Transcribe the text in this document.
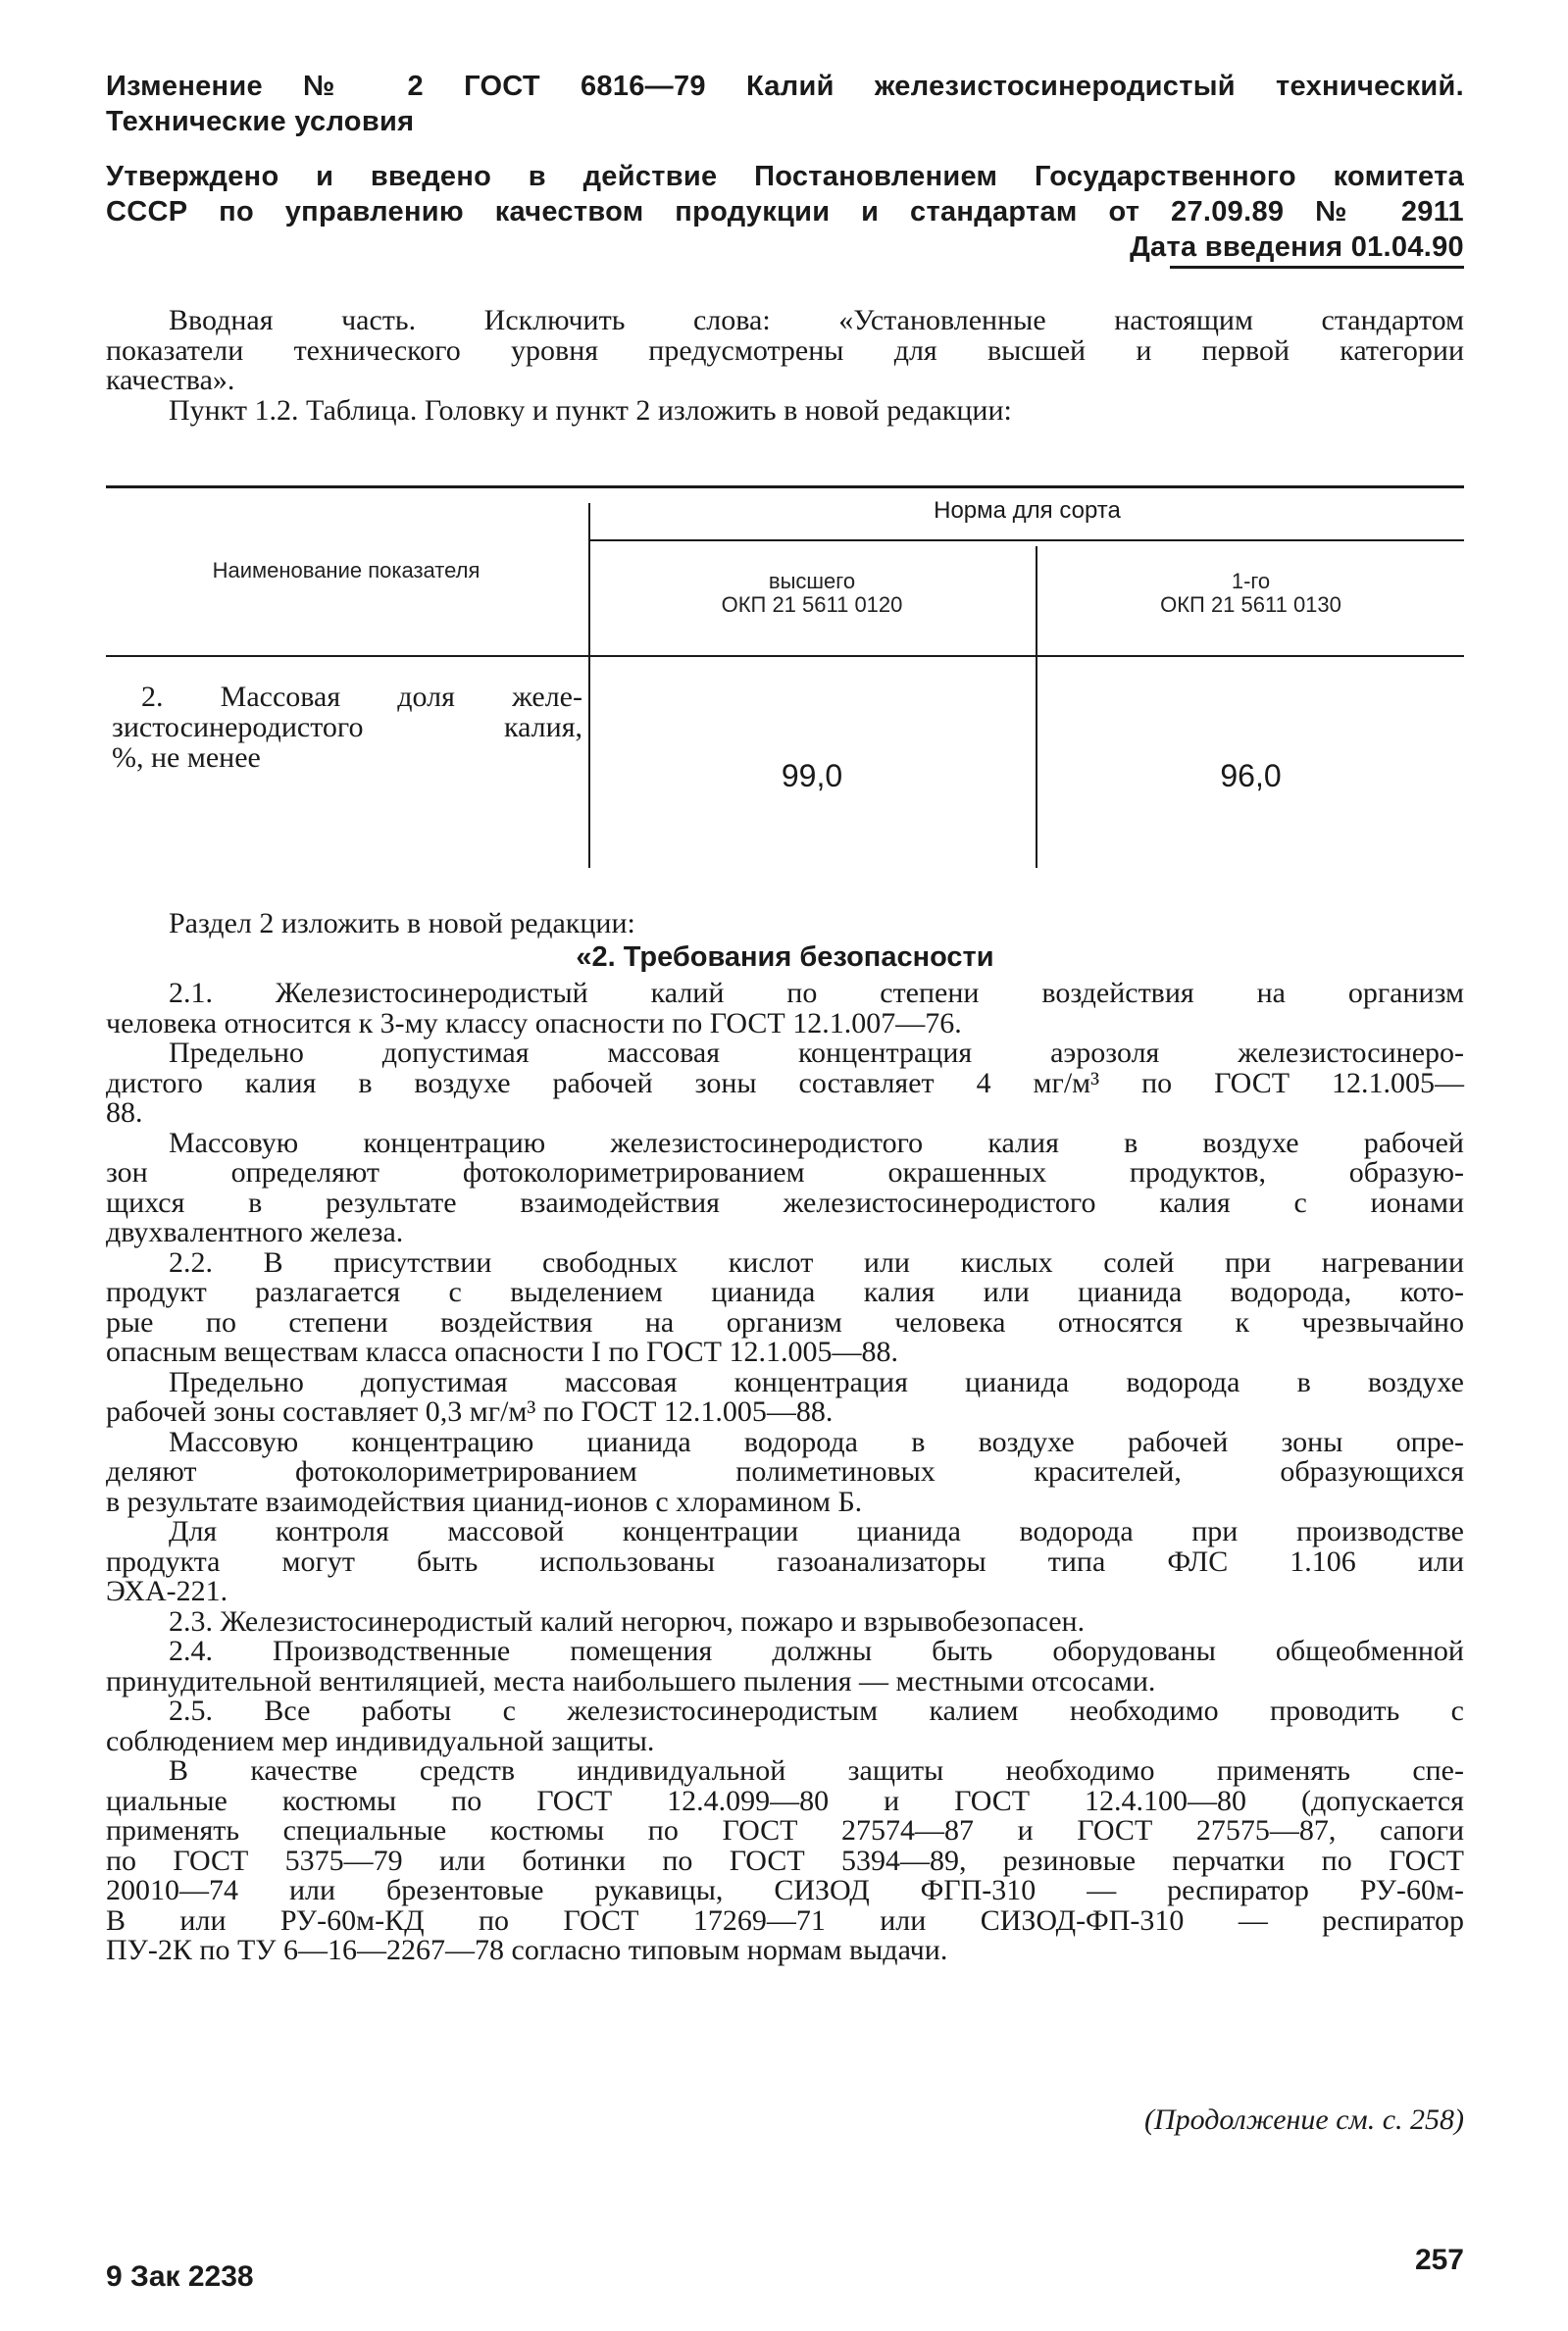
Изменение № 2 ГОСТ 6816—79 Калий железистосинеродистый технический.
Технические условия
Утверждено и введено в действие Постановлением Государственного комитета
СССР по управлению качеством продукции и стандартам от 27.09.89 № 2911
Дата введения 01.04.90
Вводная часть. Исключить слова: «Установленные настоящим стандартом
показатели технического уровня предусмотрены для высшей и первой категории
качества».
Пункт 1.2. Таблица. Головку и пункт 2 изложить в новой редакции:
Наименование показателя
Норма для сорта
высшего
ОКП 21 5611 0120
1-го
ОКП 21 5611 0130
2. Массовая доля желе-
зистосинеродистого калия,
%, не менее
99,0	96,0
Раздел 2 изложить в новой редакции:
«2. Требования безопасности
2.1. Железистосинеродистый калий по степени воздействия на организм
человека относится к 3-му классу опасности по ГОСТ 12.1.007—76.
Предельно допустимая массовая концентрация аэрозоля железистосинеро-
дистого калия в воздухе рабочей зоны составляет 4 мг/м³ по ГОСТ 12.1.005—
88.
Массовую концентрацию железистосинеродистого калия в воздухе рабочей
зон определяют фотоколориметрированием окрашенных продуктов, образую-
щихся в результате взаимодействия железистосинеродистого калия с ионами
двухвалентного железа.
2.2. В присутствии свободных кислот или кислых солей при нагревании
продукт разлагается с выделением цианида калия или цианида водорода, кото-
рые по степени воздействия на организм человека относятся к чрезвычайно
опасным веществам класса опасности I по ГОСТ 12.1.005—88.
Предельно допустимая массовая концентрация цианида водорода в воздухе
рабочей зоны составляет 0,3 мг/м³ по ГОСТ 12.1.005—88.
Массовую концентрацию цианида водорода в воздухе рабочей зоны опре-
деляют фотоколориметрированием полиметиновых красителей, образующихся
в результате взаимодействия цианид-ионов с хлорамином Б.
Для контроля массовой концентрации цианида водорода при производстве
продукта могут быть использованы газоанализаторы типа ФЛС 1.106 или
ЭХА-221.
2.3. Железистосинеродистый калий негорюч, пожаро и взрывобезопасен.
2.4. Производственные помещения должны быть оборудованы общеобменной
принудительной вентиляцией, места наибольшего пыления — местными отсосами.
2.5. Все работы с железистосинеродистым калием необходимо проводить с
соблюдением мер индивидуальной защиты.
В качестве средств индивидуальной защиты необходимо применять спе-
циальные костюмы по ГОСТ 12.4.099—80 и ГОСТ 12.4.100—80 (допускается
применять специальные костюмы по ГОСТ 27574—87 и ГОСТ 27575—87, сапоги
по ГОСТ 5375—79 или ботинки по ГОСТ 5394—89, резиновые перчатки по ГОСТ
20010—74 или брезентовые рукавицы, СИЗОД ФГП-310 — респиратор РУ-60м-
В или РУ-60м-КД по ГОСТ 17269—71 или СИЗОД-ФП-310 — респиратор
ПУ-2К по ТУ 6—16—2267—78 согласно типовым нормам выдачи.
(Продолжение см. с. 258)
9 Зак 2238
257
